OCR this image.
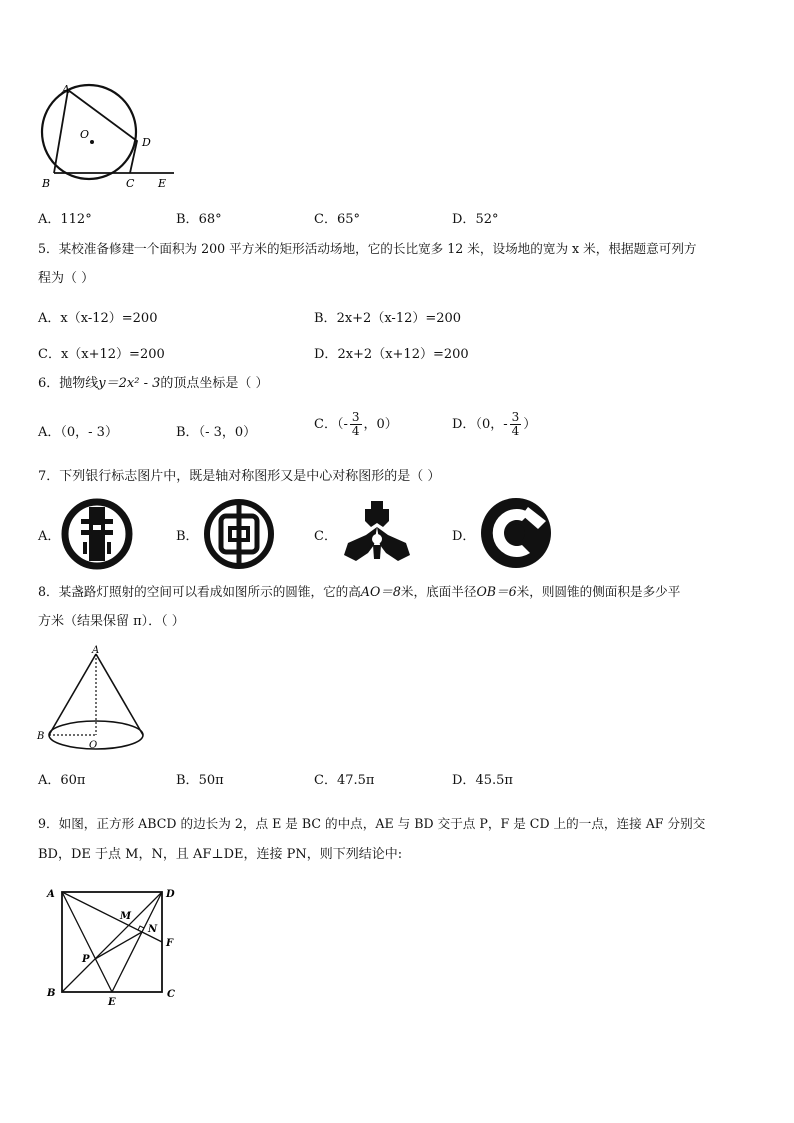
A
O
D
B	C E
A．112°	B．68°	C．65°	D．52°
5．某校准备修建一个面积为 200 平方米的矩形活动场地，它的长比宽多 12 米，设场地的宽为 x 米，根据题意可列方
程为（ ）
A．x（x-12）=200	B．2x+2（x-12）=200
C．x（x+12）=200	D．2x+2（x+12）=200
6．抛物线y＝2x² - 3的顶点坐标是（ ）
A．（0，- 3）	B．（- 3，0）
C．（- $\frac{3}{4}$ ，0）	D．（0，- $\frac{3}{4}$ ）
7．下列银行标志图片中，既是轴对称图形又是中心对称图形的是（ ）
A．	B．	C．	D．
8．某盏路灯照射的空间可以看成如图所示的圆锥，它的高AO＝8米，底面半径OB＝6米，则圆锥的侧面积是多少平
方米（结果保留 π）．（ ）
A
B
O
A．60π	B．50π	C．47.5π	D．45.5π
9．如图，正方形 ABCD 的边长为 2，点 E 是 BC 的中点，AE 与 BD 交于点 P，F 是 CD 上的一点，连接 AF 分别交
BD，DE 于点 M，N，且 AF⊥DE，连接 PN，则下列结论中:
A	D
M
N
F
P
B
E
C
